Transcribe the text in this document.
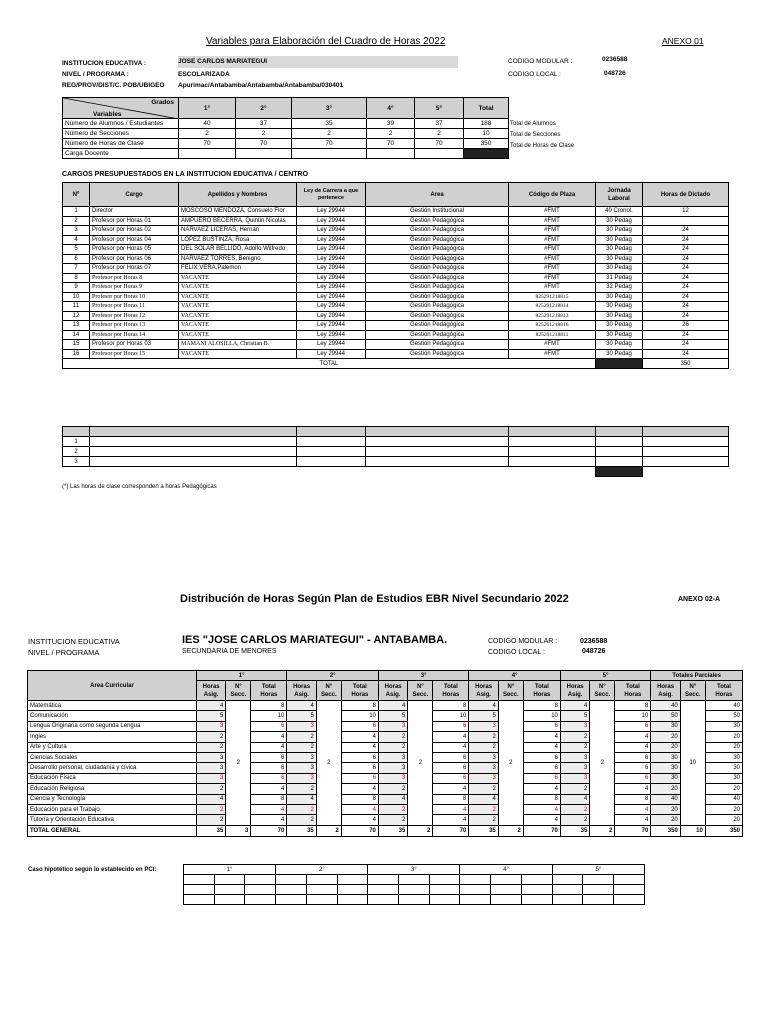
Variables para Elaboración del Cuadro de Horas 2022	ANEXO 01
INSTITUCION EDUCATIVA :	JOSE CARLOS MARIATEGUI
NIVEL / PROGRAMA :	ESCOLARIZADA
REG/PROV/DIST/C. POB/UBIGEO Apurimac/Antabamba/Antabamba/Antabamba/030401
CODIGO MODULAR :	0236588
CODIGO LOCAL :	048726
Grados
Variables	1°	2°	3°	4°	5°	Total
Número de Alumnos / Estudiantes	40	37	35	39	37	188
Número de Secciones	2	2	2	2	2	10
Número de Horas de Clase	70	70	70	70	70	350
Carga Docente						
Total de Alumnos
Total de Secciones
Total de Horas de Clase
CARGOS PRESUPUESTADOS EN LA INSTITUCION EDUCATIVA / CENTRO
Nº	Cargo	Apellidos y Nombres	Ley de Carrera a que pertenece	Area	Código de Plaza	Jornada Laboral	Horas de Dictado
1	Director	MOSCOSO MENDOZA, Consuelo Flor	Ley 29944	Gestión Institucional	#FMT	40 Cronol.	12
2	Profesor por Horas 01	AMPUERO BECERRA, Quintin Nicolas	Ley 29944	Gestión Pedagógica	#FMT	30 Pedag	
3	Profesor por Horas 02	NARVAEZ LICERAS, Hernan	Ley 29944	Gestión Pedagógica	#FMT	30 Pedag	24
4	Profesor por Horas 04	LOPEZ BUSTINZA, Rosa	Ley 29944	Gestión Pedagógica	#FMT	30 Pedag	24
5	Profesor por Horas 05	DEL SOLAR BELLIDO, Adolfo Wilfredo	Ley 29944	Gestión Pedagógica	#FMT	30 Pedag	24
6	Profesor por Horas 06	NARVAEZ TORRES, Benigno	Ley 29944	Gestión Pedagógica	#FMT	30 Pedag	24
7	Profesor por Horas 07	FELIX VERA,Palemon	Ley 29944	Gestión Pedagógica	#FMT	30 Pedag	24
8	Profesor por Horas 8	VACANTE	Ley 29944	Gestión Pedagógica	#FMT	31 Pedag	24
9	Profesor por Horas 9	VACANTE	Ley 29944	Gestión Pedagógica	#FMT	32 Pedag	24
10	Profesor por Horas 10	VACANTE	Ley 29944	Gestión Pedagógica	825291218815	30 Pedag	24
11	Profesor por Horas 11	VACANTE	Ley 29944	Gestión Pedagógica	825291218814	30 Pedag	24
12	Profesor por Horas 12	VACANTE	Ley 29944	Gestión Pedagógica	825291218813	30 Pedag	24
13	Profesor por Horas 13	VACANTE	Ley 29944	Gestión Pedagógica	825261218816	30 Pedag	26
14	Profesor por Horas 14	VACANTE	Ley 29944	Gestión Pedagógica	825291218811	30 Pedag	24
15	Profesor por Horas 03	MAMANI ALOSILLA, Christian B.	Ley 29944	Gestión Pedagógica	#FMT	30 Pedag	24
16	Profesor por Horas 15	VACANTE	Ley 29944	Gestión Pedagógica	#FMT	30 Pedag	24
TOTAL							350

1						
2						
3						

(*) Las horas de clase corresponden a horas Pedagógicas
Distribución de Horas Según Plan de Estudios EBR Nivel Secundario 2022	ANEXO 02-A
INSTITUCION EDUCATIVA	IES "JOSE CARLOS MARIATEGUI" - ANTABAMBA.
NIVEL / PROGRAMA	SECUNDARIA DE MENORES
CODIGO MODULAR :	0236588
CODIGO LOCAL :	048726
Area Curricular	1°			2°			3°			4°			5°			Totales Parciales		
	Horas Asig.	N° Secc.	Total Horas	Horas Asig.	N° Secc.	Total Horas	Horas Asig.	N° Secc.	Total Horas	Horas Asig.	N° Secc.	Total Horas	Horas Asig.	N° Secc.	Total Horas	Horas Asig.	N° Secc.	Total Horas
Matemática	4	2	8	4	2	8	4	2	8	4	2	8	4	2	8	40	10	40
Comunicación	5		10	5		10	5		10	5		10	5		10	50		50
Lengua Originaria como segunda Lengua	3		6	3		6	3		6	3		6	3		6	30		30
Ingles	2		4	2		4	2		4	2		4	2		4	20		20
Arte y Cultura	2		4	2		4	2		4	2		4	2		4	20		20
Ciencias Sociales	3		6	3		6	3		6	3		6	3		6	30		30
Desarrollo personal, ciudadanía y cívica	3		6	3		6	3		6	3		6	3		6	30		30
Educación Física	3		6	3		6	3		6	3		6	3		6	30		30
Educación Religiosa	2		4	2		4	2		4	2		4	2		4	20		20
Ciencia y Tecnología	4		8	4		8	4		8	4		8	4		8	40		40
Educación para el Trabajo	2		4	2		4	2		4	2		4	2		4	20		20
Tutoría y Orientación Educativa	2		4	2		4	2		4	2		4	2		4	20		20
TOTAL GENERAL	35	3	70	35	2	70	35	2	70	35	2	70	35	2	70	350	10	350
Caso hipotético según lo establecido en PCI:	1°			2°			3°			4°			5°		
